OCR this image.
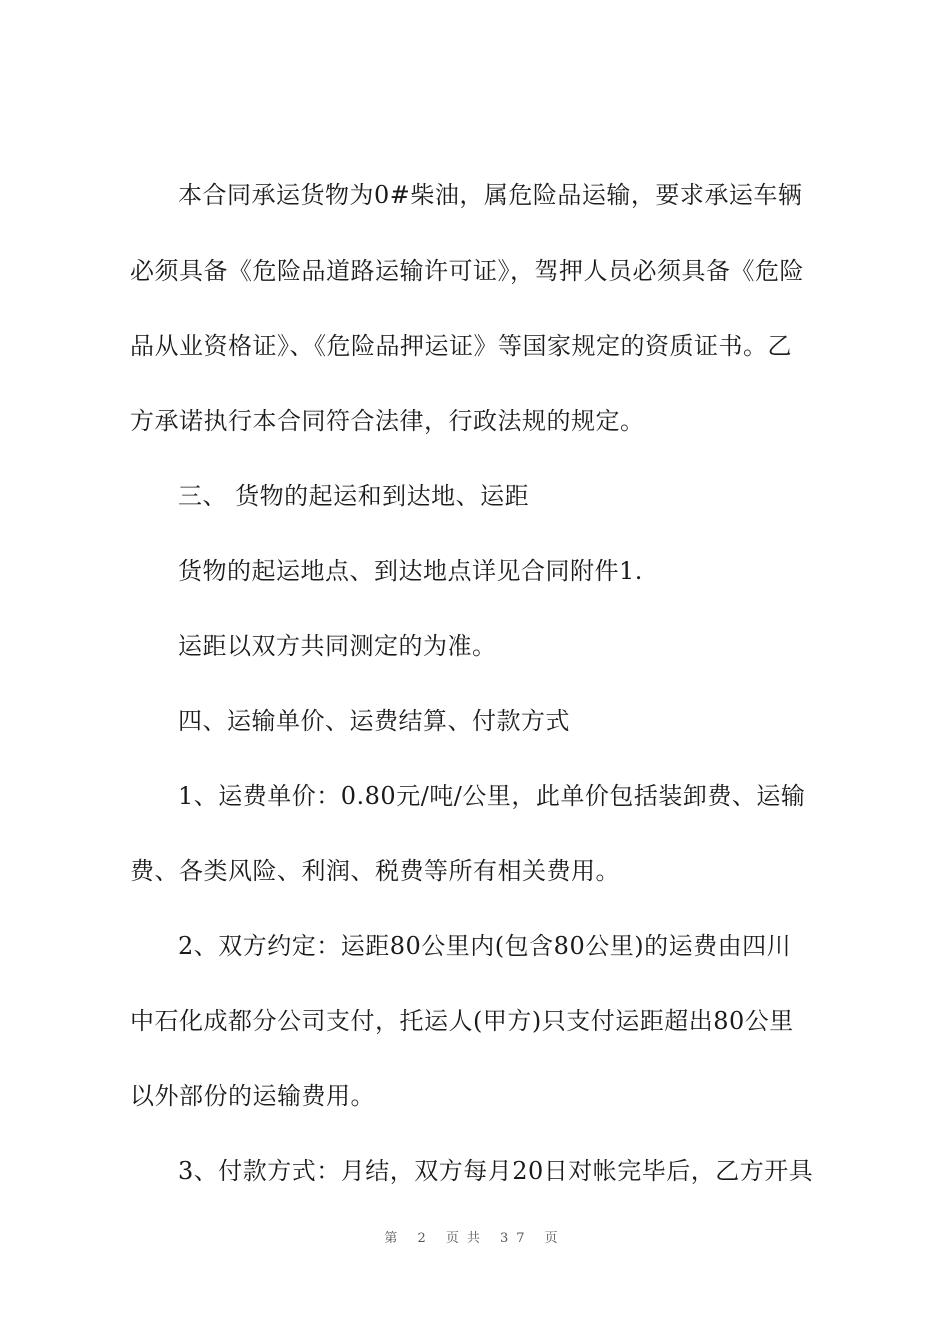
本合同承运货物为0#柴油，属危险品运输，要求承运车辆
必须具备《危险品道路运输许可证》，驾押人员必须具备《危险
品从业资格证》、《危险品押运证》等国家规定的资质证书。乙
方承诺执行本合同符合法律，行政法规的规定。
三、 货物的起运和到达地、运距
货物的起运地点、到达地点详见合同附件1.
运距以双方共同测定的为准。
四、运输单价、运费结算、付款方式
1、运费单价：0.80元/吨/公里，此单价包括装卸费、运输
费、各类风险、利润、税费等所有相关费用。
2、双方约定：运距80公里内(包含80公里)的运费由四川
中石化成都分公司支付，托运人(甲方)只支付运距超出80公里
以外部份的运输费用。
3、付款方式：月结，双方每月20日对帐完毕后，乙方开具
第 2 页共 37 页
